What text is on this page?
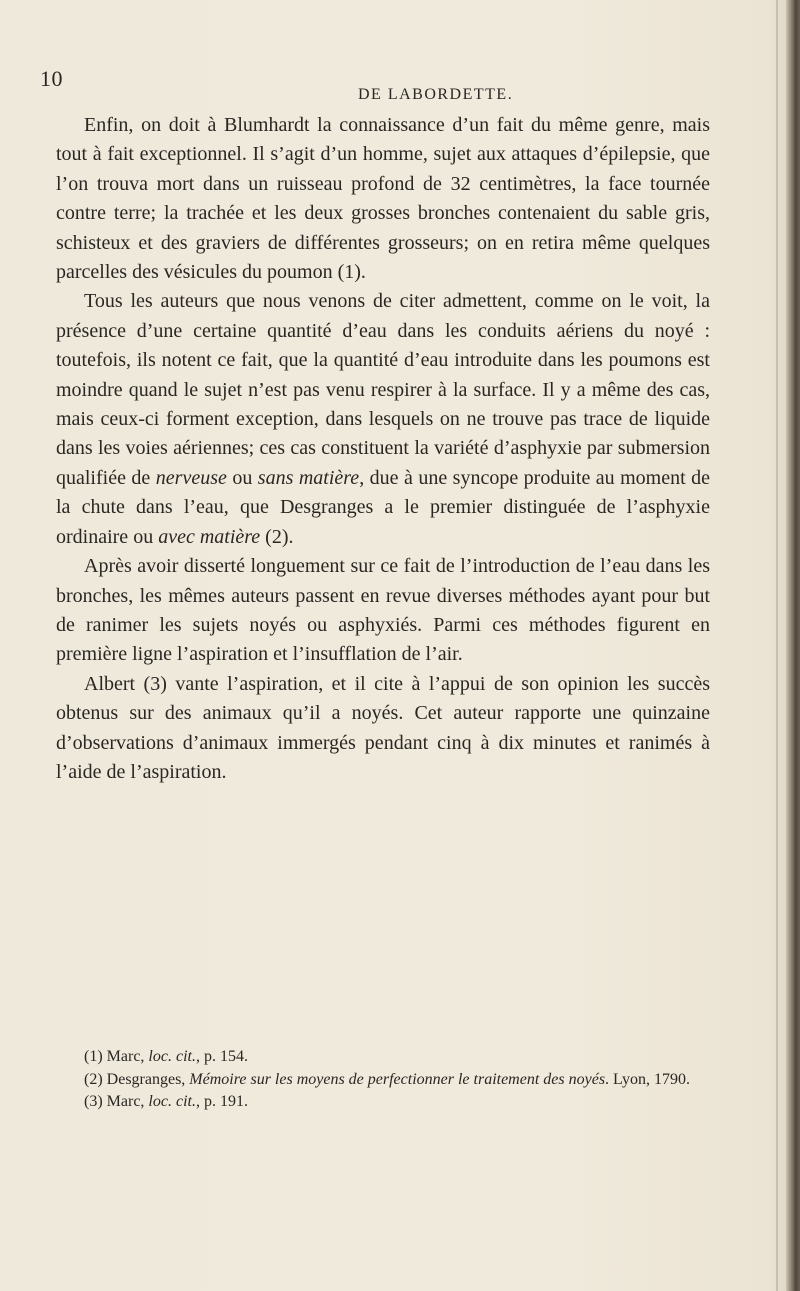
10
DE LABORDETTE.

Enfin, on doit à Blumhardt la connaissance d’un fait du même genre, mais tout à fait exceptionnel. Il s’agit d’un homme, sujet aux attaques d’épilepsie, que l’on trouva mort dans un ruisseau profond de 32 centimètres, la face tournée contre terre; la trachée et les deux grosses bronches contenaient du sable gris, schisteux et des graviers de différentes grosseurs; on en retira même quelques parcelles des vésicules du poumon (1).

Tous les auteurs que nous venons de citer admettent, comme on le voit, la présence d’une certaine quantité d’eau dans les conduits aériens du noyé : toutefois, ils notent ce fait, que la quantité d’eau introduite dans les poumons est moindre quand le sujet n’est pas venu respirer à la surface. Il y a même des cas, mais ceux-ci forment exception, dans lesquels on ne trouve pas trace de liquide dans les voies aériennes; ces cas constituent la variété d’asphyxie par submersion qualifiée de nerveuse ou sans matière, due à une syncope produite au moment de la chute dans l’eau, que Desgranges a le premier distinguée de l’asphyxie ordinaire ou avec matière (2).

Après avoir disserté longuement sur ce fait de l’introduction de l’eau dans les bronches, les mêmes auteurs passent en revue diverses méthodes ayant pour but de ranimer les sujets noyés ou asphyxiés. Parmi ces méthodes figurent en première ligne l’aspiration et l’insufflation de l’air.

Albert (3) vante l’aspiration, et il cite à l’appui de son opinion les succès obtenus sur des animaux qu’il a noyés. Cet auteur rapporte une quinzaine d’observations d’animaux immergés pendant cinq à dix minutes et ranimés à l’aide de l’aspiration.

(1) Marc, loc. cit., p. 154.

(2) Desgranges, Mémoire sur les moyens de perfectionner le traitement des noyés. Lyon, 1790.

(3) Marc, loc. cit., p. 191.
